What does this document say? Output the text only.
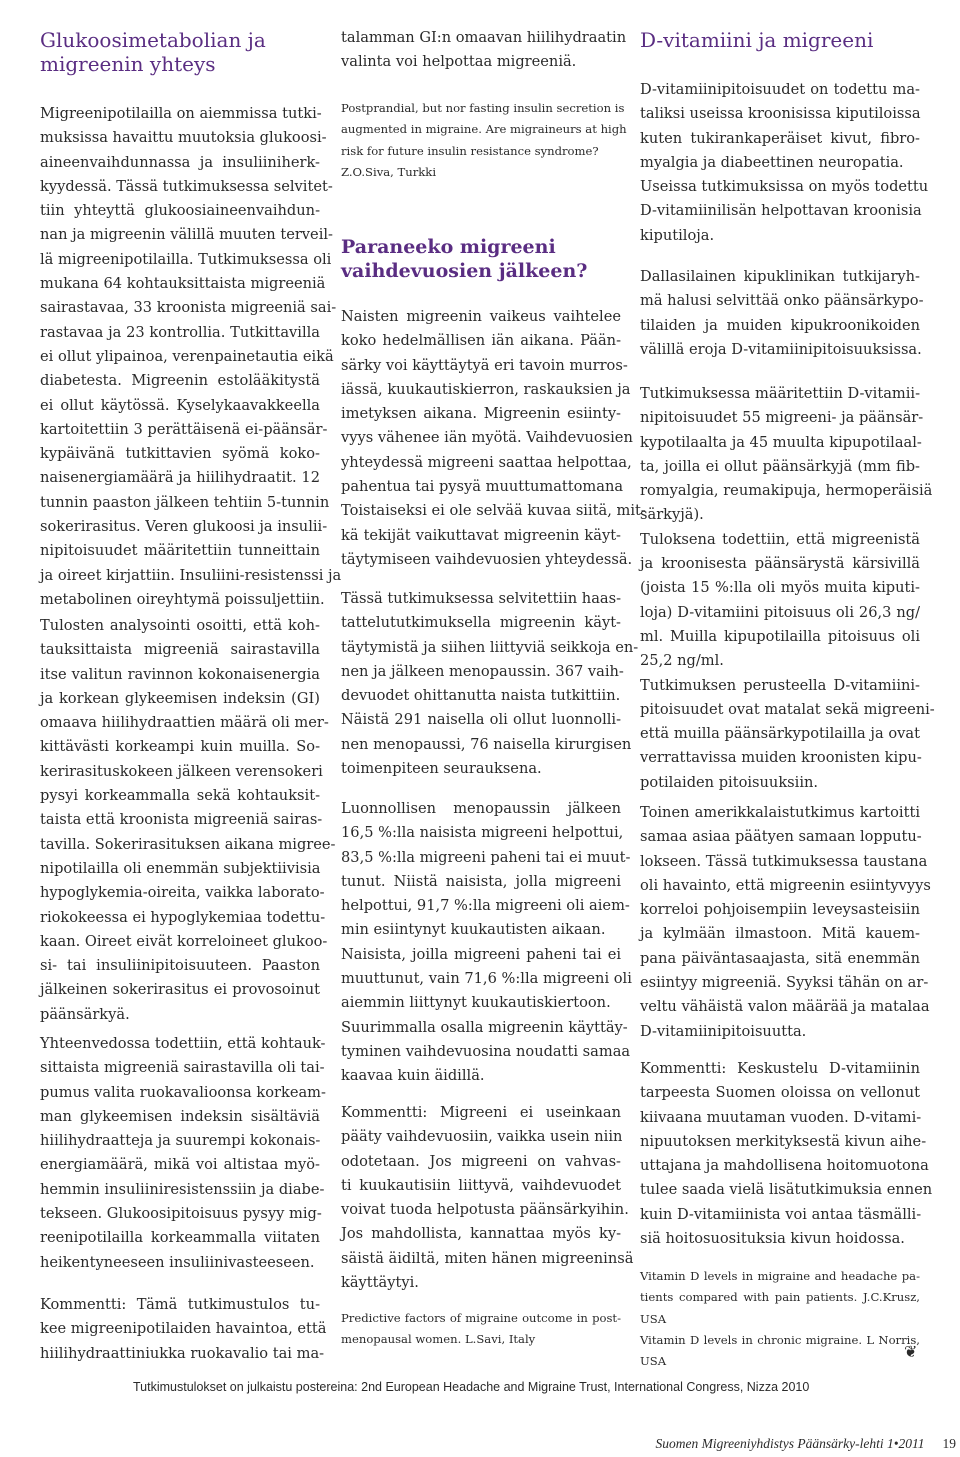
Glukoosimetabolian ja
migreenin yhteys

Migreenipotilailla on aiemmissa tutki-
muksissa havaittu muutoksia glukoosi-
aineenvaihdunnassa ja insuliiniherk-
kyydessä. Tässä tutkimuksessa selvitet-
tiin yhteyttä glukoosiaineenvaihdun-
nan ja migreenin välillä muuten terveil-
lä migreenipotilailla. Tutkimuksessa oli
mukana 64 kohtauksittaista migreeniä
sairastavaa, 33 kroonista migreeniä sai-
rastavaa ja 23 kontrollia. Tutkittavilla
ei ollut ylipainoa, verenpainetautia eikä
diabetesta. Migreenin estolääkitystä
ei ollut käytössä. Kyselykaavakkeella
kartoitettiin 3 perättäisenä ei-päänsär-
kypäivänä tutkittavien syömä koko-
naisenergiamäärä ja hiilihydraatit. 12
tunnin paaston jälkeen tehtiin 5-tunnin
sokerirasitus. Veren glukoosi ja insulii-
nipitoisuudet määritettiin tunneittain
ja oireet kirjattiin. Insuliini-resistenssi ja
metabolinen oireyhtymä poissuljettiin.

Tulosten analysointi osoitti, että koh-
tauksittaista migreeniä sairastavilla
itse valitun ravinnon kokonaisenergia
ja korkean glykeemisen indeksin (GI)
omaava hiilihydraattien määrä oli mer-
kittävästi korkeampi kuin muilla. So-
kerirasituskokeen jälkeen verensokeri
pysyi korkeammalla sekä kohtauksit-
taista että kroonista migreeniä sairas-
tavilla. Sokerirasituksen aikana migree-
nipotilailla oli enemmän subjektiivisia
hypoglykemia-oireita, vaikka laborato-
riokokeessa ei hypoglykemiaa todettu-
kaan. Oireet eivät korreloineet glukoo-
si- tai insuliinipitoisuuteen. Paaston
jälkeinen sokerirasitus ei provosoinut
päänsärkyä.

Yhteenvedossa todettiin, että kohtauk-
sittaista migreeniä sairastavilla oli tai-
pumus valita ruokavalioonsa korkeam-
man glykeemisen indeksin sisältäviä
hiilihydraatteja ja suurempi kokonais-
energiamäärä, mikä voi altistaa myö-
hemmin insuliiniresistenssiin ja diabe-
tekseen. Glukoosipitoisuus pysyy mig-
reenipotilailla korkeammalla viitaten
heikentyneeseen insuliinivasteeseen.

Kommentti: Tämä tutkimustulos tu-
kee migreenipotilaiden havaintoa, että
hiilihydraattiniukka ruokavalio tai ma-

talamman GI:n omaavan hiilihydraatin
valinta voi helpottaa migreeniä.

Postprandial, but nor fasting insulin secretion is
augmented in migraine. Are migraineurs at high
risk for future insulin resistance syndrome?
Z.O.Siva, Turkki

Paraneeko migreeni
vaihdevuosien jälkeen?

Naisten migreenin vaikeus vaihtelee
koko hedelmällisen iän aikana. Pään-
särky voi käyttäytyä eri tavoin murros-
iässä, kuukautiskierron, raskauksien ja
imetyksen aikana. Migreenin esiinty-
vyys vähenee iän myötä. Vaihdevuosien
yhteydessä migreeni saattaa helpottaa,
pahentua tai pysyä muuttumattomana
Toistaiseksi ei ole selvää kuvaa siitä, mit-
kä tekijät vaikuttavat migreenin käyt-
täytymiseen vaihdevuosien yhteydessä.

Tässä tutkimuksessa selvitettiin haas-
tattelututkimuksella migreenin käyt-
täytymistä ja siihen liittyviä seikkoja en-
nen ja jälkeen menopaussin. 367 vaih-
devuodet ohittanutta naista tutkittiin.
Näistä 291 naisella oli ollut luonnolli-
nen menopaussi, 76 naisella kirurgisen
toimenpiteen seurauksena.

Luonnollisen menopaussin jälkeen
16,5 %:lla naisista migreeni helpottui,
83,5 %:lla migreeni paheni tai ei muut-
tunut. Niistä naisista, jolla migreeni
helpottui, 91,7 %:lla migreeni oli aiem-
min esiintynyt kuukautisten aikaan.
Naisista, joilla migreeni paheni tai ei
muuttunut, vain 71,6 %:lla migreeni oli
aiemmin liittynyt kuukautiskiertoon.
Suurimmalla osalla migreenin käyttäy-
tyminen vaihdevuosina noudatti samaa
kaavaa kuin äidillä.

Kommentti: Migreeni ei useinkaan
pääty vaihdevuosiin, vaikka usein niin
odotetaan. Jos migreeni on vahvas-
ti kuukautisiin liittyvä, vaihdevuodet
voivat tuoda helpotusta päänsärkyihin.
Jos mahdollista, kannattaa myös ky-
säistä äidiltä, miten hänen migreeninsä
käyttäytyi.

Predictive factors of migraine outcome in post-
menopausal women. L.Savi, Italy

D-vitamiini ja migreeni

D-vitamiinipitoisuudet on todettu ma-
taliksi useissa kroonisissa kiputiloissa
kuten tukirankaperäiset kivut, fibro-
myalgia ja diabeettinen neuropatia.
Useissa tutkimuksissa on myös todettu
D-vitamiinilisän helpottavan kroonisia
kiputiloja.

Dallasilainen kipuklinikan tutkijaryh-
mä halusi selvittää onko päänsärkypo-
tilaiden ja muiden kipukroonikoiden
välillä eroja D-vitamiinipitoisuuksissa.

Tutkimuksessa määritettiin D-vitamii-
nipitoisuudet 55 migreeni- ja päänsär-
kypotilaalta ja 45 muulta kipupotilaal-
ta, joilla ei ollut päänsärkyjä (mm fib-
romyalgia, reumakipuja, hermoperäisiä
särkyjä).
Tuloksena todettiin, että migreenistä
ja kroonisesta päänsärystä kärsivillä
(joista 15 %:lla oli myös muita kiputi-
loja) D-vitamiini pitoisuus oli 26,3 ng/
ml. Muilla kipupotilailla pitoisuus oli
25,2 ng/ml.
Tutkimuksen perusteella D-vitamiini-
pitoisuudet ovat matalat sekä migreeni-
että muilla päänsärkypotilailla ja ovat
verrattavissa muiden kroonisten kipu-
potilaiden pitoisuuksiin.

Toinen amerikkalaistutkimus kartoitti
samaa asiaa päätyen samaan lopputu-
lokseen. Tässä tutkimuksessa taustana
oli havainto, että migreenin esiintyvyys
korreloi pohjoisempiin leveysasteisiin
ja kylmään ilmastoon. Mitä kauem-
pana päiväntasaajasta, sitä enemmän
esiintyy migreeniä. Syyksi tähän on ar-
veltu vähäistä valon määrää ja matalaa
D-vitamiinipitoisuutta.

Kommentti: Keskustelu D-vitamiinin
tarpeesta Suomen oloissa on vellonut
kiivaana muutaman vuoden. D-vitami-
nipuutoksen merkityksestä kivun aihe-
uttajana ja mahdollisena hoitomuotona
tulee saada vielä lisätutkimuksia ennen
kuin D-vitamiinista voi antaa täsmälli-
siä hoitosuosituksia kivun hoidossa.

Vitamin D levels in migraine and headache pa-
tients compared with pain patients. J.C.Krusz,
USA
Vitamin D levels in chronic migraine. L Norris,
USA

❦
Tutkimustulokset on julkaistu postereina: 2nd European Headache and Migraine Trust, International Congress, Nizza 2010
Suomen Migreeniyhdistys Päänsärky-lehti 1•2011 19
